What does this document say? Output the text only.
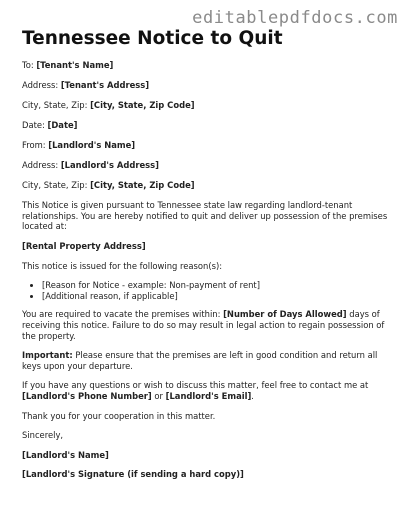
editablepdfdocs.com
Tennessee Notice to Quit
To: [Tenant's Name]
Address: [Tenant's Address]
City, State, Zip: [City, State, Zip Code]
Date: [Date]
From: [Landlord's Name]
Address: [Landlord's Address]
City, State, Zip: [City, State, Zip Code]

This Notice is given pursuant to Tennessee state law regarding landlord-tenant relationships. You are hereby notified to quit and deliver up possession of the premises located at:

[Rental Property Address]

This notice is issued for the following reason(s):

• [Reason for Notice - example: Non-payment of rent]
• [Additional reason, if applicable]

You are required to vacate the premises within: [Number of Days Allowed] days of receiving this notice. Failure to do so may result in legal action to regain possession of the property.

Important: Please ensure that the premises are left in good condition and return all keys upon your departure.

If you have any questions or wish to discuss this matter, feel free to contact me at [Landlord's Phone Number] or [Landlord's Email].

Thank you for your cooperation in this matter.

Sincerely,

[Landlord's Name]

[Landlord's Signature (if sending a hard copy)]
